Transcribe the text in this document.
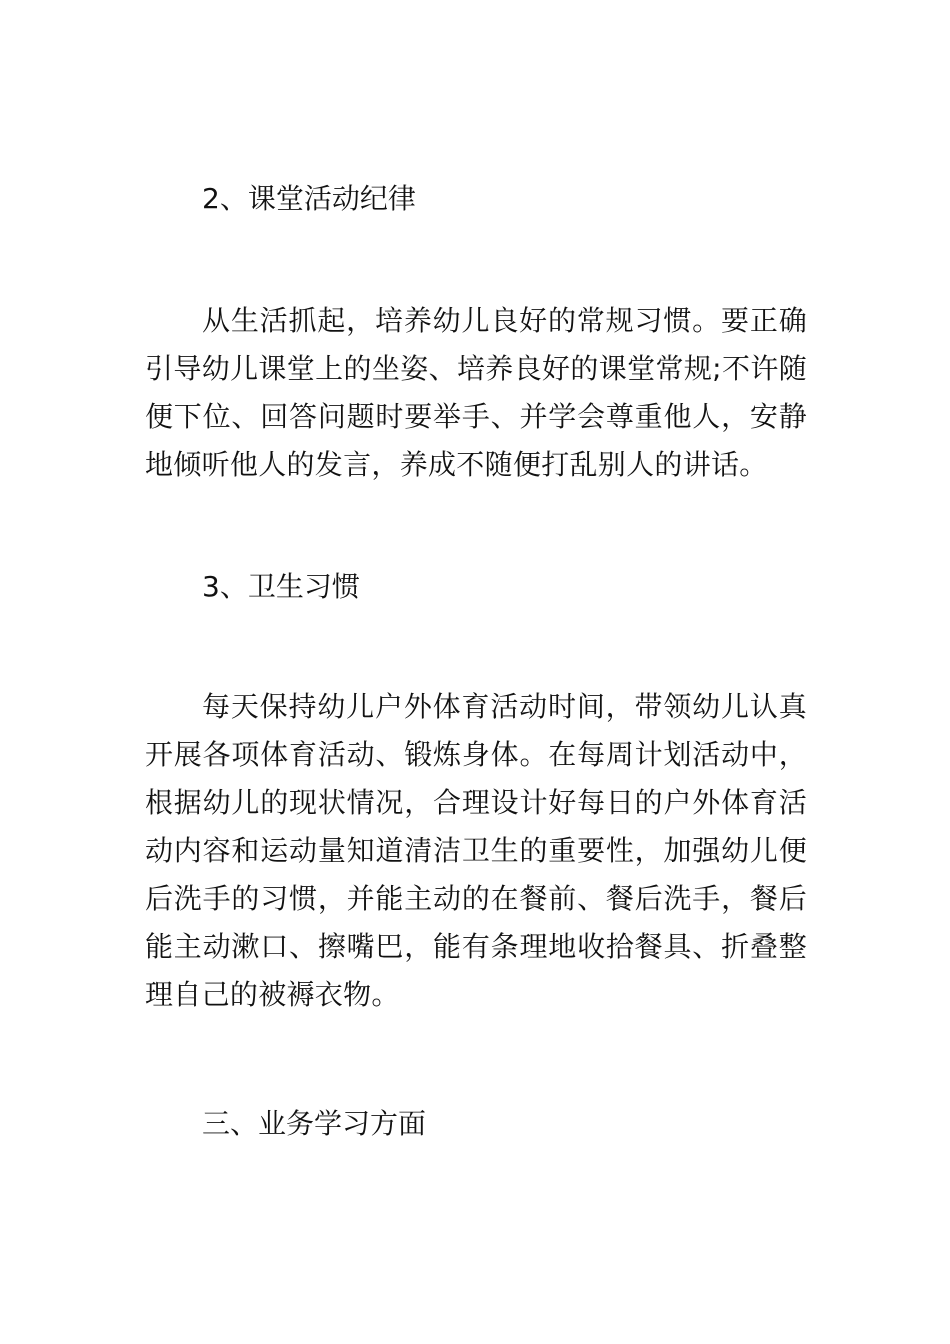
2、课堂活动纪律
从生活抓起，培养幼儿良好的常规习惯。要正确引导幼儿课堂上的坐姿、培养良好的课堂常规;不许随便下位、回答问题时要举手、并学会尊重他人，安静地倾听他人的发言，养成不随便打乱别人的讲话。
3、卫生习惯
每天保持幼儿户外体育活动时间，带领幼儿认真开展各项体育活动、锻炼身体。在每周计划活动中，根据幼儿的现状情况，合理设计好每日的户外体育活动内容和运动量知道清洁卫生的重要性，加强幼儿便后洗手的习惯，并能主动的在餐前、餐后洗手，餐后能主动漱口、擦嘴巴，能有条理地收拾餐具、折叠整理自己的被褥衣物。
三、业务学习方面
